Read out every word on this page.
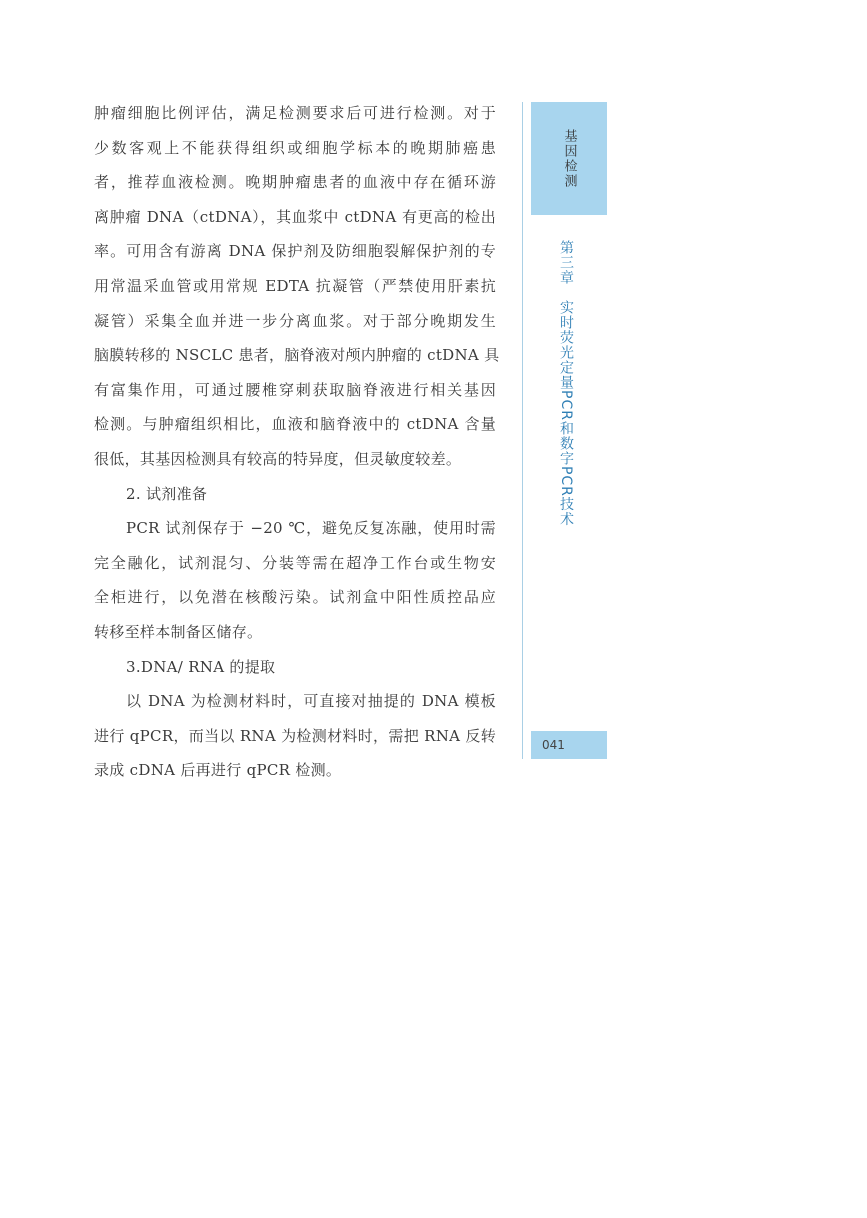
肿瘤细胞比例评估，满足检测要求后可进行检测。对于
少数客观上不能获得组织或细胞学标本的晚期肺癌患
者，推荐血液检测。晚期肿瘤患者的血液中存在循环游
离肿瘤 DNA（ctDNA），其血浆中 ctDNA 有更高的检出
率。可用含有游离 DNA 保护剂及防细胞裂解保护剂的专
用常温采血管或用常规 EDTA 抗凝管（严禁使用肝素抗
凝管）采集全血并进一步分离血浆。对于部分晚期发生
脑膜转移的 NSCLC 患者，脑脊液对颅内肿瘤的 ctDNA 具
有富集作用，可通过腰椎穿刺获取脑脊液进行相关基因
检测。与肿瘤组织相比，血液和脑脊液中的 ctDNA 含量
很低，其基因检测具有较高的特异度，但灵敏度较差。
2. 试剂准备
PCR 试剂保存于 −20 ℃，避免反复冻融，使用时需
完全融化，试剂混匀、分装等需在超净工作台或生物安
全柜进行，以免潜在核酸污染。试剂盒中阳性质控品应
转移至样本制备区储存。
3.DNA/ RNA 的提取
以 DNA 为检测材料时，可直接对抽提的 DNA 模板
进行 qPCR，而当以 RNA 为检测材料时，需把 RNA 反转
录成 cDNA 后再进行 qPCR 检测。
基因检测
第三章　实时荧光定量PCR和数字PCR技术
041
